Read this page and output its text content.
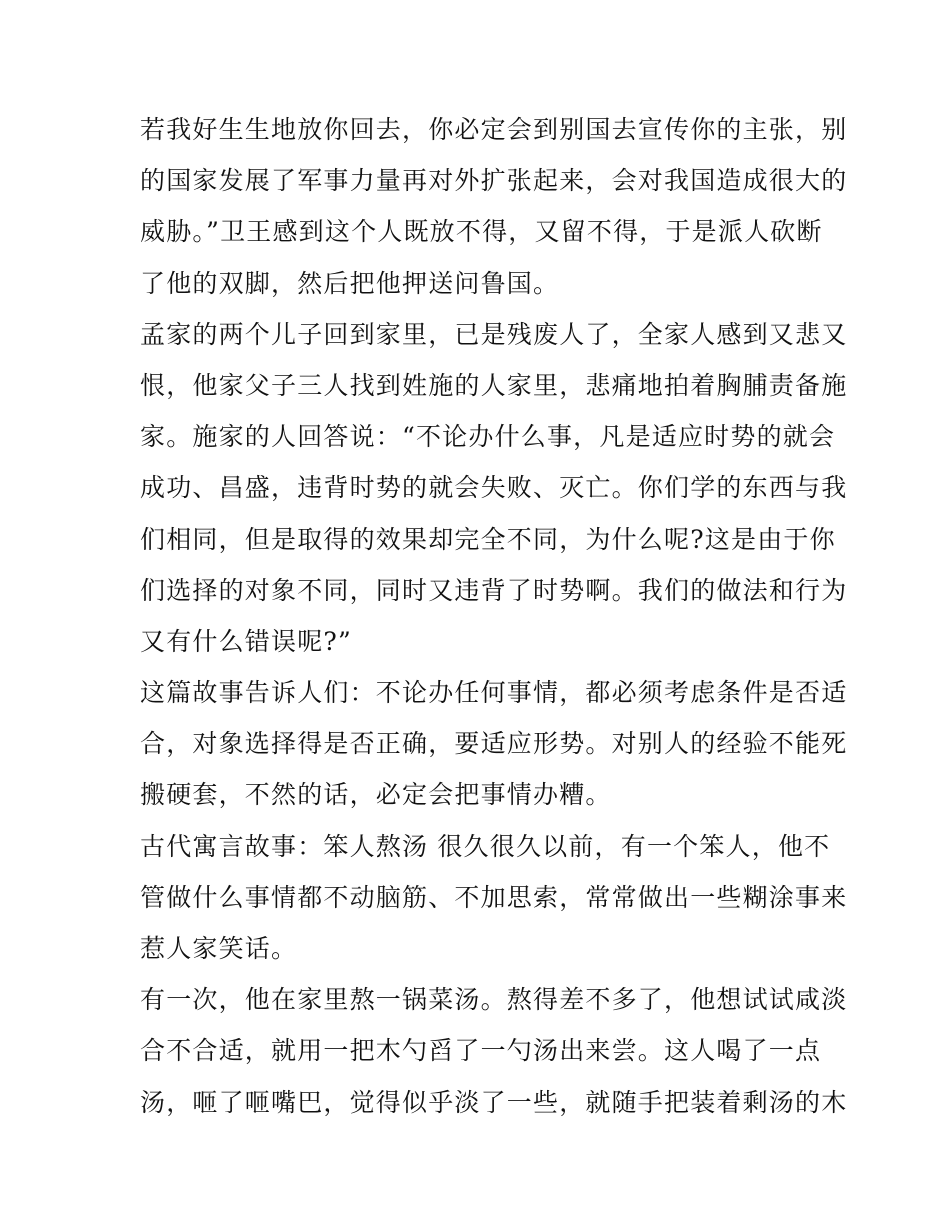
若我好生生地放你回去，你必定会到别国去宣传你的主张，别
的国家发展了军事力量再对外扩张起来，会对我国造成很大的
威胁。”卫王感到这个人既放不得，又留不得，于是派人砍断
了他的双脚，然后把他押送问鲁国。
孟家的两个儿子回到家里，已是残废人了，全家人感到又悲又
恨，他家父子三人找到姓施的人家里，悲痛地拍着胸脯责备施
家。施家的人回答说：“不论办什么事，凡是适应时势的就会
成功、昌盛，违背时势的就会失败、灭亡。你们学的东西与我
们相同，但是取得的效果却完全不同，为什么呢?这是由于你
们选择的对象不同，同时又违背了时势啊。我们的做法和行为
又有什么错误呢?”
这篇故事告诉人们：不论办任何事情，都必须考虑条件是否适
合，对象选择得是否正确，要适应形势。对别人的经验不能死
搬硬套，不然的话，必定会把事情办糟。
古代寓言故事：笨人熬汤 很久很久以前，有一个笨人，他不
管做什么事情都不动脑筋、不加思索，常常做出一些糊涂事来
惹人家笑话。
有一次，他在家里熬一锅菜汤。熬得差不多了，他想试试咸淡
合不合适，就用一把木勺舀了一勺汤出来尝。这人喝了一点
汤，咂了咂嘴巴，觉得似乎淡了一些，就随手把装着剩汤的木
